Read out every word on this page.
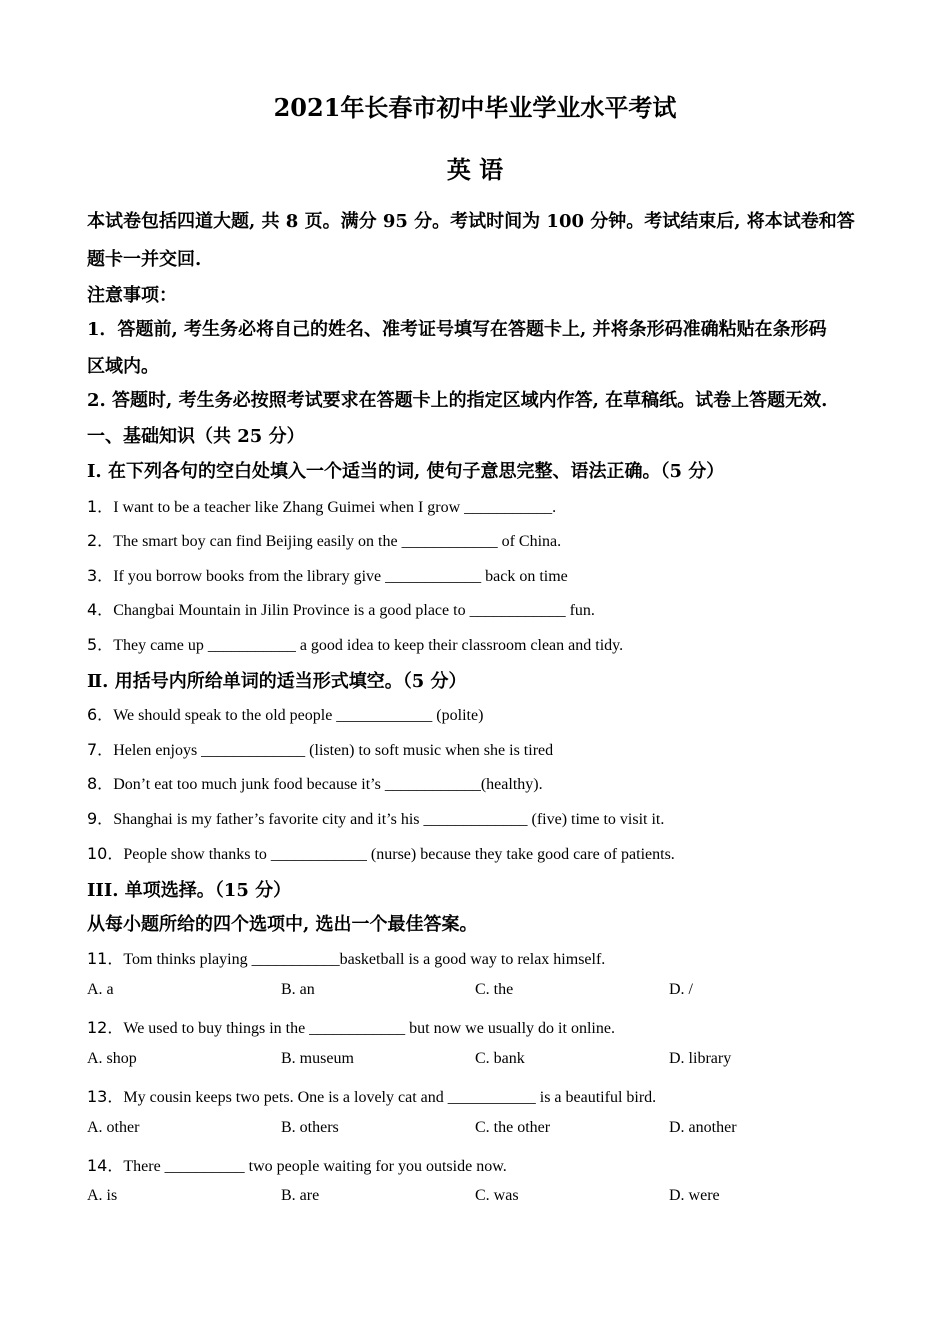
2021年长春市初中毕业学业水平考试
英 语
本试卷包括四道大题, 共 8 页。满分 95 分。考试时间为 100 分钟。考试结束后, 将本试卷和答
题卡一并交回.
注意事项：
1．答题前, 考生务必将自己的姓名、准考证号填写在答题卡上, 并将条形码准确粘贴在条形码
区域内。
2. 答题时, 考生务必按照考试要求在答题卡上的指定区域内作答, 在草稿纸。试卷上答题无效.
一、基础知识（共 25 分）
I. 在下列各句的空白处填入一个适当的词, 使句子意思完整、语法正确。（5 分）
1．I want to be a teacher like Zhang Guimei when I grow ___________.
2．The smart boy can find Beijing easily on the ____________ of China.
3．If you borrow books from the library give ____________ back on time
4．Changbai Mountain in Jilin Province is a good place to ____________ fun.
5．They came up ___________ a good idea to keep their classroom clean and tidy.
Ⅱ. 用括号内所给单词的适当形式填空。（5 分）
6．We should speak to the old people ____________ (polite)
7．Helen enjoys _____________ (listen) to soft music when she is tired
8．Don’t eat too much junk food because it’s ____________(healthy).
9．Shanghai is my father’s favorite city and it’s his _____________ (five) time to visit it.
10．People show thanks to ____________ (nurse) because they take good care of patients.
III. 单项选择。（15 分）
从每小题所给的四个选项中, 选出一个最佳答案。
11．Tom thinks playing ___________basketball is a good way to relax himself.
A. a	B. an	C. the	D. /
12．We used to buy things in the ____________ but now we usually do it online.
A. shop	B. museum	C. bank	D. library
13．My cousin keeps two pets. One is a lovely cat and ___________ is a beautiful bird.
A. other	B. others	C. the other	D. another
14．There __________ two people waiting for you outside now.
A. is	B. are	C. was	D. were
